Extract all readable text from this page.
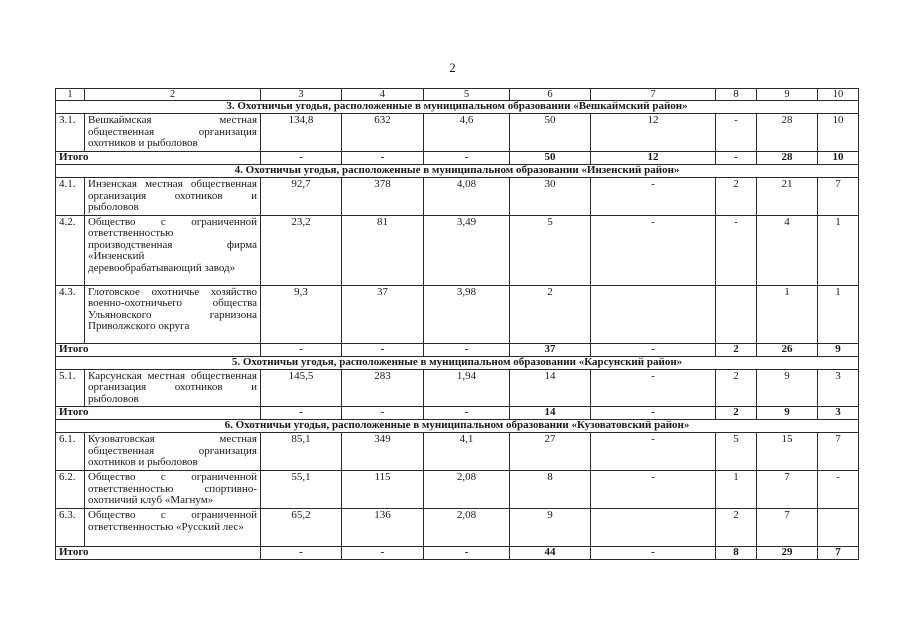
2
1	2	3	4	5	6	7	8	9	10
3. Охотничьи угодья, расположенные в муниципальном образовании «Вешкаймский район»									
3.1.	Вешкаймская местная общественная организация охотников и рыболовов	134,8	632	4,6	50	12	-	28	10
Итого		-	-	-	50	12	-	28	10
4. Охотничьи угодья, расположенные в муниципальном образовании «Инзенский район»									
4.1.	Инзенская местная общественная организация охотников и рыболовов	92,7	378	4,08	30	-	2	21	7
4.2.	Общество с ограниченной ответственностью производственная фирма «Инзенский деревообрабатывающий завод»	23,2	81	3,49	5	-	-	4	1
4.3.	Глотовское охотничье хозяйство военно-охотничьего общества Ульяновского гарнизона Приволжского округа	9,3	37	3,98	2			1	1
Итого		-	-	-	37	-	2	26	9
5. Охотничьи угодья, расположенные в муниципальном образовании «Карсунский район»									
5.1.	Карсунская местная общественная организация охотников и рыболовов	145,5	283	1,94	14	-	2	9	3
Итого		-	-	-	14	-	2	9	3
6. Охотничьи угодья, расположенные в муниципальном образовании «Кузоватовский район»									
6.1.	Кузоватовская местная общественная организация охотников и рыболовов	85,1	349	4,1	27	-	5	15	7
6.2.	Общество с ограниченной ответственностью спортивно-охотничий клуб «Магнум»	55,1	115	2,08	8	-	1	7	-
6.3.	Общество с ограниченной ответственностью «Русский лес»	65,2	136	2,08	9		2	7	
Итого		-	-	-	44	-	8	29	7
